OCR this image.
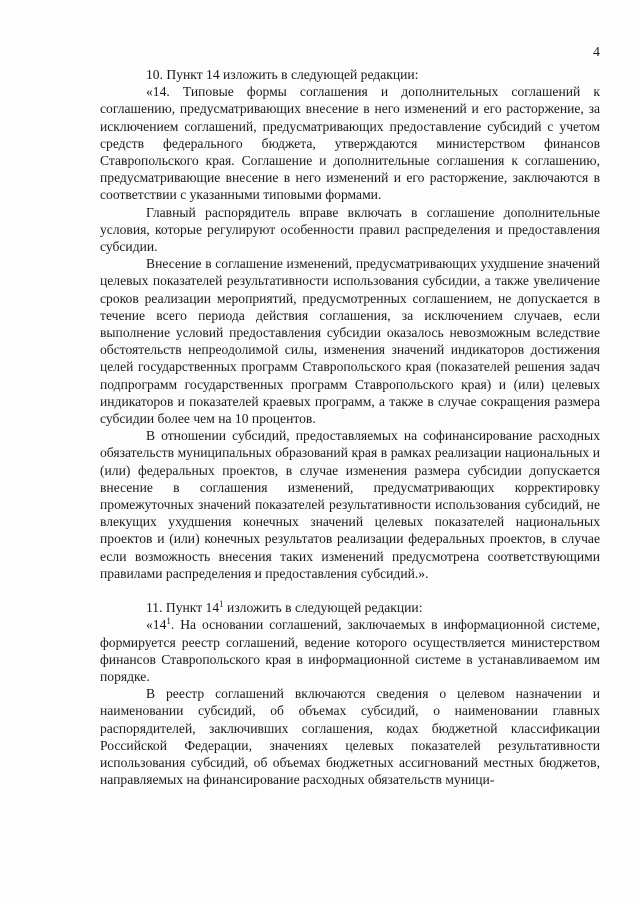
4

10. Пункт 14 изложить в следующей редакции:

«14. Типовые формы соглашения и дополнительных соглашений к соглашению, предусматривающих внесение в него изменений и его расторжение, за исключением соглашений, предусматривающих предоставление субсидий с учетом средств федерального бюджета, утверждаются министерством финансов Ставропольского края. Соглашение и дополнительные соглашения к соглашению, предусматривающие внесение в него изменений и его расторжение, заключаются в соответствии с указанными типовыми формами.

Главный распорядитель вправе включать в соглашение дополнительные условия, которые регулируют особенности правил распределения и предоставления субсидии.

Внесение в соглашение изменений, предусматривающих ухудшение значений целевых показателей результативности использования субсидии, а также увеличение сроков реализации мероприятий, предусмотренных соглашением, не допускается в течение всего периода действия соглашения, за исключением случаев, если выполнение условий предоставления субсидии оказалось невозможным вследствие обстоятельств непреодолимой силы, изменения значений индикаторов достижения целей государственных программ Ставропольского края (показателей решения задач подпрограмм государственных программ Ставропольского края) и (или) целевых индикаторов и показателей краевых программ, а также в случае сокращения размера субсидии более чем на 10 процентов.

В отношении субсидий, предоставляемых на софинансирование расходных обязательств муниципальных образований края в рамках реализации национальных и (или) федеральных проектов, в случае изменения размера субсидии допускается внесение в соглашения изменений, предусматривающих корректировку промежуточных значений показателей результативности использования субсидий, не влекущих ухудшения конечных значений целевых показателей национальных проектов и (или) конечных результатов реализации федеральных проектов, в случае если возможность внесения таких изменений предусмотрена соответствующими правилами распределения и предоставления субсидий.».

11. Пункт $14^1$ изложить в следующей редакции:

«$14^1$. На основании соглашений, заключаемых в информационной системе, формируется реестр соглашений, ведение которого осуществляется министерством финансов Ставропольского края в информационной системе в устанавливаемом им порядке.

В реестр соглашений включаются сведения о целевом назначении и наименовании субсидий, об объемах субсидий, о наименовании главных распорядителей, заключивших соглашения, кодах бюджетной классификации Российской Федерации, значениях целевых показателей результативности использования субсидий, об объемах бюджетных ассигнований местных бюджетов, направляемых на финансирование расходных обязательств муници-
